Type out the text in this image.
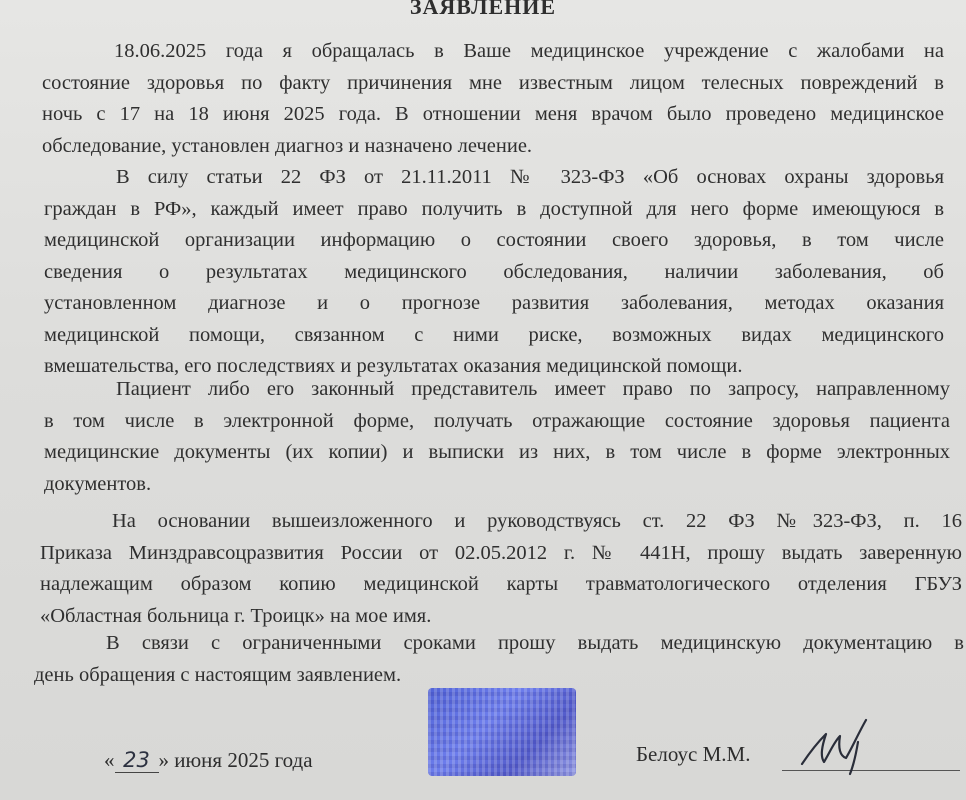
ЗАЯВЛЕНИЕ
18.06.2025 года я обращалась в Ваше медицинское учреждение с жалобами на
состояние здоровья по факту причинения мне известным лицом телесных повреждений в
ночь с 17 на 18 июня 2025 года. В отношении меня врачом было проведено медицинское
обследование, установлен диагноз и назначено лечение.
В силу статьи 22 ФЗ от 21.11.2011 № 323-ФЗ «Об основах охраны здоровья
граждан в РФ», каждый имеет право получить в доступной для него форме имеющуюся в
медицинской организации информацию о состоянии своего здоровья, в том числе
сведения о результатах медицинского обследования, наличии заболевания, об
установленном диагнозе и о прогнозе развития заболевания, методах оказания
медицинской помощи, связанном с ними риске, возможных видах медицинского
вмешательства, его последствиях и результатах оказания медицинской помощи.
Пациент либо его законный представитель имеет право по запросу, направленному
в том числе в электронной форме, получать отражающие состояние здоровья пациента
медицинские документы (их копии) и выписки из них, в том числе в форме электронных
документов.
На основании вышеизложенного и руководствуясь ст. 22 ФЗ №323-ФЗ, п. 16
Приказа Минздравсоцразвития России от 02.05.2012 г. № 441Н, прошу выдать заверенную
надлежащим образом копию медицинской карты травматологического отделения ГБУЗ
«Областная больница г. Троицк» на мое имя.
В связи с ограниченными сроками прошу выдать медицинскую документацию в
день обращения с настоящим заявлением.
« 23 » июня 2025 года	Белоус М.М.
